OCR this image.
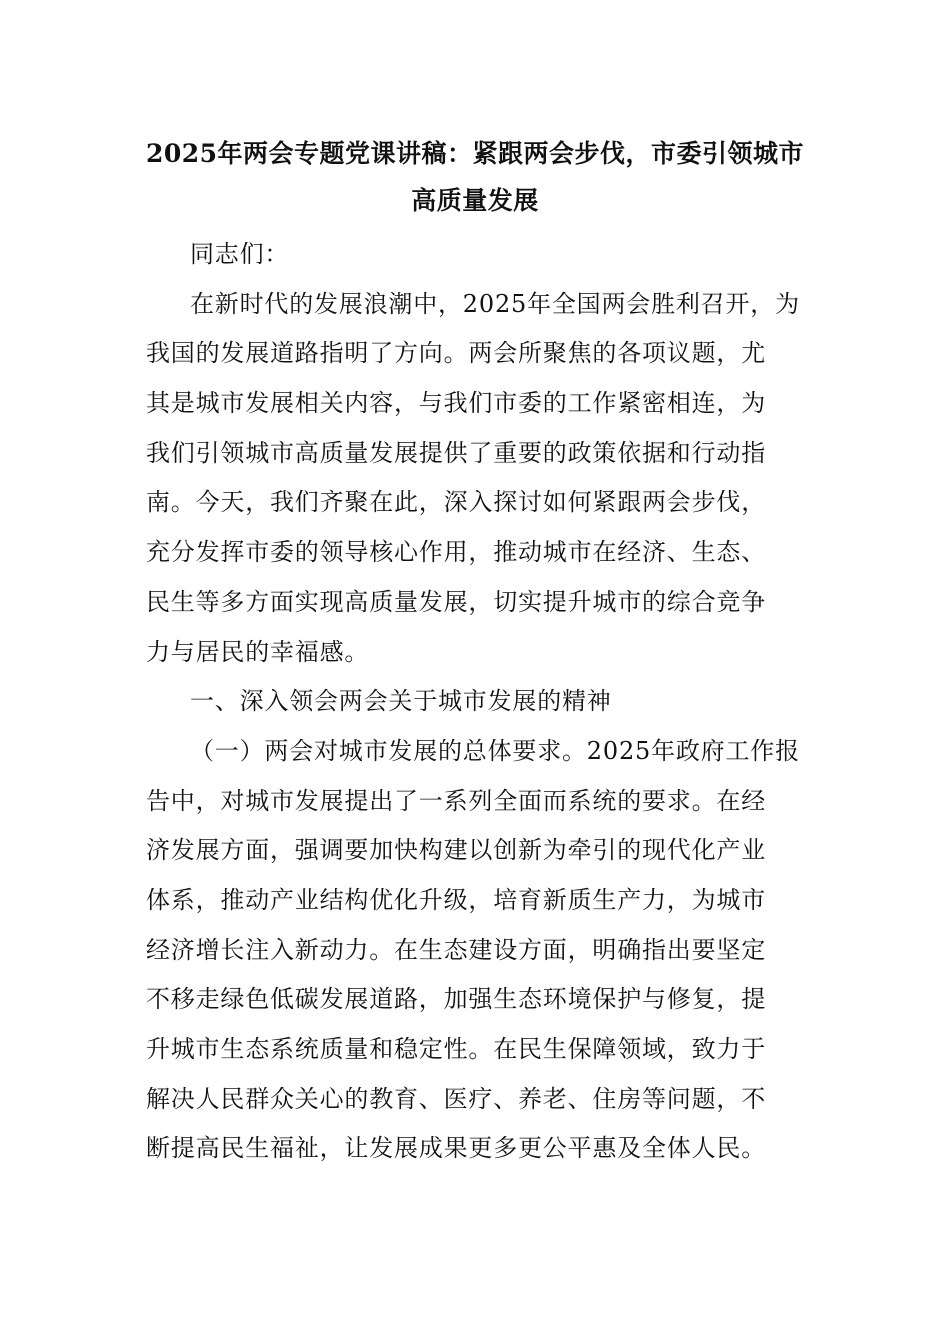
2025年两会专题党课讲稿：紧跟两会步伐，市委引领城市
高质量发展
同志们：
在新时代的发展浪潮中，2025年全国两会胜利召开，为
我国的发展道路指明了方向。两会所聚焦的各项议题，尤
其是城市发展相关内容，与我们市委的工作紧密相连，为
我们引领城市高质量发展提供了重要的政策依据和行动指
南。今天，我们齐聚在此，深入探讨如何紧跟两会步伐，
充分发挥市委的领导核心作用，推动城市在经济、生态、
民生等多方面实现高质量发展，切实提升城市的综合竞争
力与居民的幸福感。
一、深入领会两会关于城市发展的精神
（一）两会对城市发展的总体要求。2025年政府工作报
告中，对城市发展提出了一系列全面而系统的要求。在经
济发展方面，强调要加快构建以创新为牵引的现代化产业
体系，推动产业结构优化升级，培育新质生产力，为城市
经济增长注入新动力。在生态建设方面，明确指出要坚定
不移走绿色低碳发展道路，加强生态环境保护与修复，提
升城市生态系统质量和稳定性。在民生保障领域，致力于
解决人民群众关心的教育、医疗、养老、住房等问题，不
断提高民生福祉，让发展成果更多更公平惠及全体人民。
